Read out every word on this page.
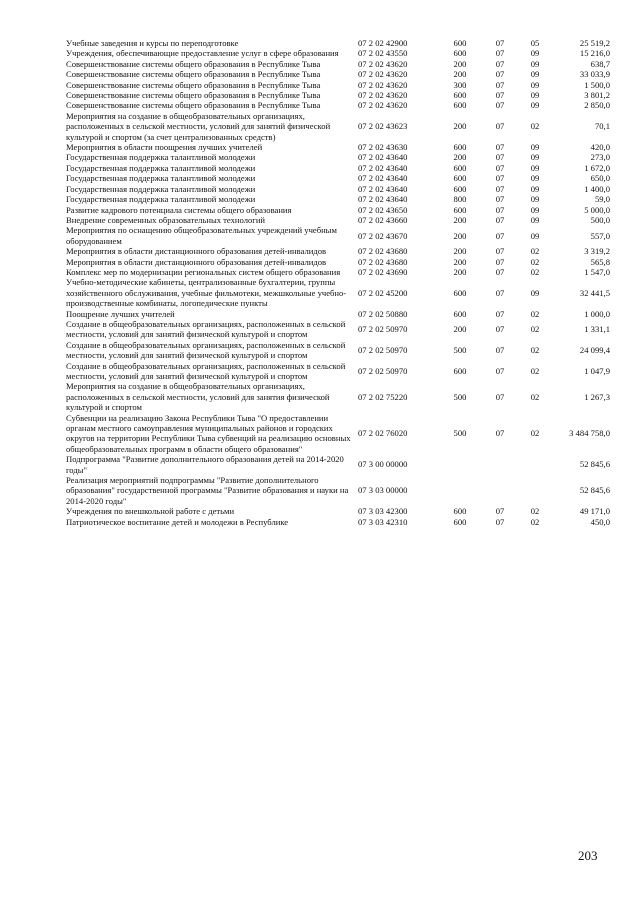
Учебные заведения и курсы по переподготовке	07 2 02 42900	600	07	05	25 519,2
Учреждения, обеспечивающие предоставление услуг в сфере образования	07 2 02 43550	600	07	09	15 216,0
Совершенствование системы общего образования в Республике Тыва	07 2 02 43620	200	07	09	638,7
Совершенствование системы общего образования в Республике Тыва	07 2 02 43620	200	07	09	33 033,9
Совершенствование системы общего образования в Республике Тыва	07 2 02 43620	300	07	09	1 500,0
Совершенствование системы общего образования в Республике Тыва	07 2 02 43620	600	07	09	3 801,2
Совершенствование системы общего образования в Республике Тыва	07 2 02 43620	600	07	09	2 850,0
Мероприятия на создание в общеобразовательных организациях, расположенных в сельской местности, условий для занятий физической культурой и спортом (за счет централизованных средств)	07 2 02 43623	200	07	02	70,1
Мероприятия в области поощрения лучших учителей	07 2 02 43630	600	07	09	420,0
Государственная поддержка талантливой молодежи	07 2 02 43640	200	07	09	273,0
Государственная поддержка талантливой молодежи	07 2 02 43640	600	07	09	1 672,0
Государственная поддержка талантливой молодежи	07 2 02 43640	600	07	09	650,0
Государственная поддержка талантливой молодежи	07 2 02 43640	600	07	09	1 400,0
Государственная поддержка талантливой молодежи	07 2 02 43640	800	07	09	59,0
Развитие кадрового потенциала системы общего образования	07 2 02 43650	600	07	09	5 000,0
Внедрение современных образовательных технологий	07 2 02 43660	200	07	09	500,0
Мероприятия по оснащению общеобразовательных учреждений учебным оборудованием	07 2 02 43670	200	07	09	557,0
Мероприятия в области дистанционного образования детей-инвалидов	07 2 02 43680	200	07	02	3 319,2
Мероприятия в области дистанционного образования детей-инвалидов	07 2 02 43680	200	07	02	565,8
Комплекс мер по модернизации региональных систем общего образования	07 2 02 43690	200	07	02	1 547,0
Учебно-методические кабинеты, централизованные бухгалтерии, группы хозяйственного обслуживания, учебные фильмотеки, межшкольные учебно-производственные комбинаты, логопедические пункты	07 2 02 45200	600	07	09	32 441,5
Поощрение лучших учителей	07 2 02 50880	600	07	02	1 000,0
Создание в общеобразовательных организациях, расположенных в сельской местности, условий для занятий физической культурой и спортом	07 2 02 50970	200	07	02	1 331,1
Создание в общеобразовательных организациях, расположенных в сельской местности, условий для занятий физической культурой и спортом	07 2 02 50970	500	07	02	24 099,4
Создание в общеобразовательных организациях, расположенных в сельской местности, условий для занятий физической культурой и спортом	07 2 02 50970	600	07	02	1 047,9
Мероприятия на создание в общеобразовательных организациях, расположенных в сельской местности, условий для занятия физической культурой и спортом	07 2 02 75220	500	07	02	1 267,3
Субвенции на реализацию Закона Республики Тыва "О предоставлении органам местного самоуправления муниципальных районов и городских округов на территории Республики Тыва субвенций на реализацию основных общеобразовательных программ в области общего образования"	07 2 02 76020	500	07	02	3 484 758,0
Подпрограмма "Развитие дополнительного образования детей на 2014-2020 годы"	07 3 00 00000				52 845,6
Реализация мероприятий подпрограммы "Развитие дополнительного образования" государственной программы "Развитие образования и науки на 2014-2020 годы"	07 3 03 00000				52 845,6
Учреждения по внешкольной работе с детьми	07 3 03 42300	600	07	02	49 171,0
Патриотическое воспитание детей и молодежи в Республике	07 3 03 42310	600	07	02	450,0
203
